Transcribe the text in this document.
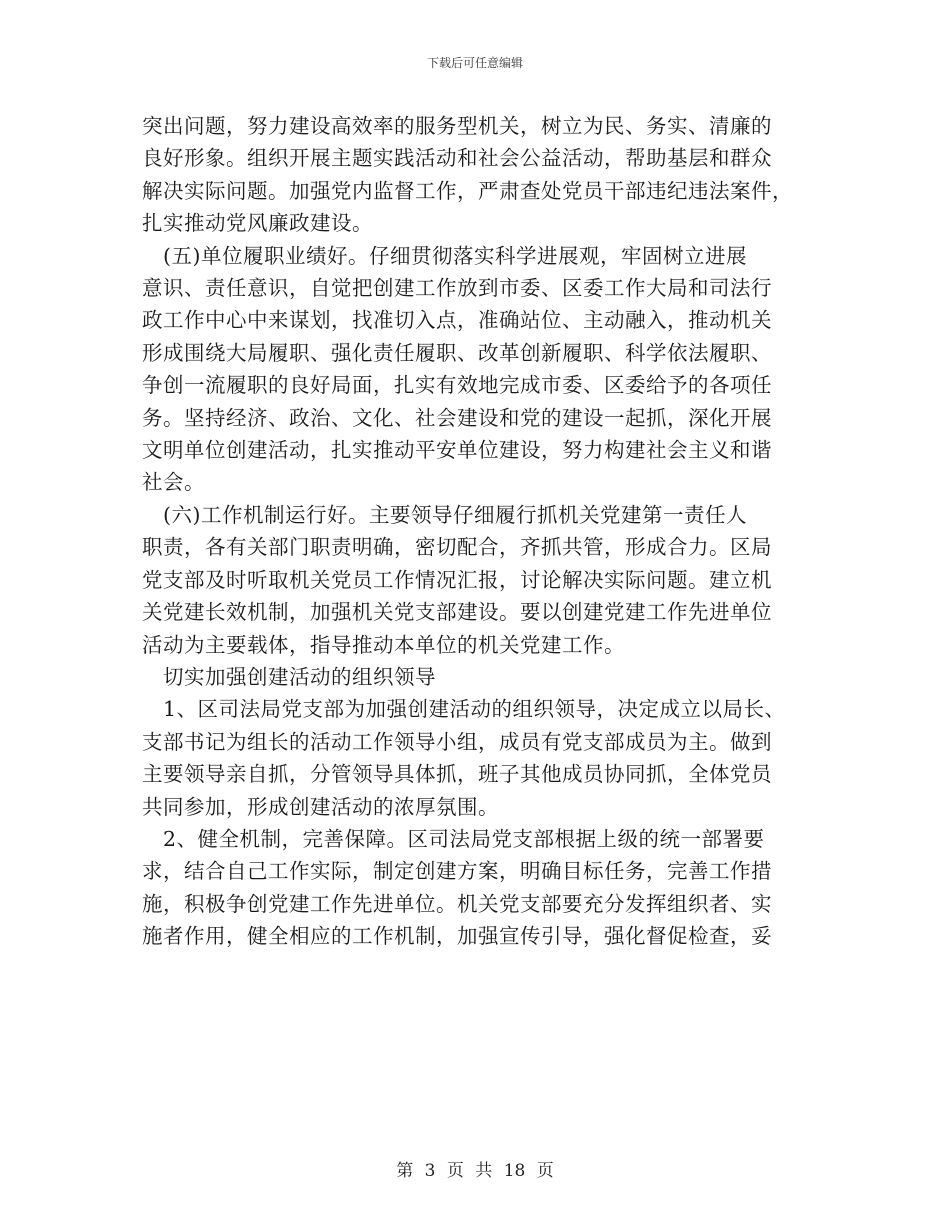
下载后可任意编辑
突出问题，努力建设高效率的服务型机关，树立为民、务实、清廉的
良好形象。组织开展主题实践活动和社会公益活动，帮助基层和群众
解决实际问题。加强党内监督工作，严肃查处党员干部违纪违法案件，
扎实推动党风廉政建设。
　(五)单位履职业绩好。仔细贯彻落实科学进展观，牢固树立进展
意识、责任意识，自觉把创建工作放到市委、区委工作大局和司法行
政工作中心中来谋划，找准切入点，准确站位、主动融入，推动机关
形成围绕大局履职、强化责任履职、改革创新履职、科学依法履职、
争创一流履职的良好局面，扎实有效地完成市委、区委给予的各项任
务。坚持经济、政治、文化、社会建设和党的建设一起抓，深化开展
文明单位创建活动，扎实推动平安单位建设，努力构建社会主义和谐
社会。
　(六)工作机制运行好。主要领导仔细履行抓机关党建第一责任人
职责，各有关部门职责明确，密切配合，齐抓共管，形成合力。区局
党支部及时听取机关党员工作情况汇报，讨论解决实际问题。建立机
关党建长效机制，加强机关党支部建设。要以创建党建工作先进单位
活动为主要载体，指导推动本单位的机关党建工作。
　切实加强创建活动的组织领导
　1、区司法局党支部为加强创建活动的组织领导，决定成立以局长、
支部书记为组长的活动工作领导小组，成员有党支部成员为主。做到
主要领导亲自抓，分管领导具体抓，班子其他成员协同抓，全体党员
共同参加，形成创建活动的浓厚氛围。
　2、健全机制，完善保障。区司法局党支部根据上级的统一部署要
求，结合自己工作实际，制定创建方案，明确目标任务，完善工作措
施，积极争创党建工作先进单位。机关党支部要充分发挥组织者、实
施者作用，健全相应的工作机制，加强宣传引导，强化督促检查，妥
第 3 页 共 18 页
